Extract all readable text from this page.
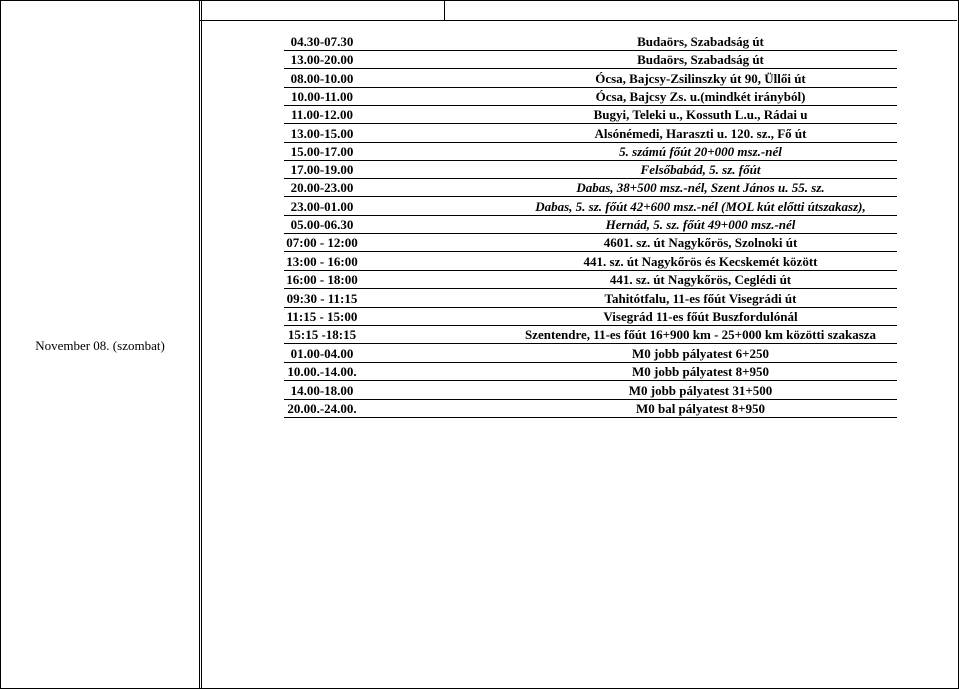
November 08. (szombat)
04.30-07.30	Budaörs, Szabadság út
13.00-20.00	Budaörs, Szabadság út
08.00-10.00	Ócsa, Bajcsy-Zsilinszky út 90, Üllői út
10.00-11.00	Ócsa, Bajcsy Zs. u.(mindkét irányból)
11.00-12.00	Bugyi, Teleki u., Kossuth L.u., Rádai u
13.00-15.00	Alsónémedi, Haraszti u. 120. sz., Fő út
15.00-17.00	5. számú főút 20+000 msz.-nél
17.00-19.00	Felsőbabád, 5. sz. főút
20.00-23.00	Dabas, 38+500 msz.-nél, Szent János u. 55. sz.
23.00-01.00	Dabas, 5. sz. főút 42+600 msz.-nél (MOL kút előtti útszakasz),
05.00-06.30	Hernád, 5. sz. főút 49+000 msz.-nél
07:00 - 12:00	4601. sz. út Nagykőrös, Szolnoki út
13:00 - 16:00	441. sz. út Nagykőrös és Kecskemét között
16:00 - 18:00	441. sz. út Nagykőrös, Ceglédi út
09:30 - 11:15	Tahitótfalu, 11-es főút Visegrádi út
11:15 - 15:00	Visegrád 11-es főút Buszfordulónál
15:15 -18:15	Szentendre, 11-es főút 16+900 km - 25+000 km közötti szakasza
01.00-04.00	M0 jobb pályatest 6+250
10.00.-14.00.	M0 jobb pályatest 8+950
14.00-18.00	M0 jobb pályatest 31+500
20.00.-24.00.	M0 bal pályatest 8+950
